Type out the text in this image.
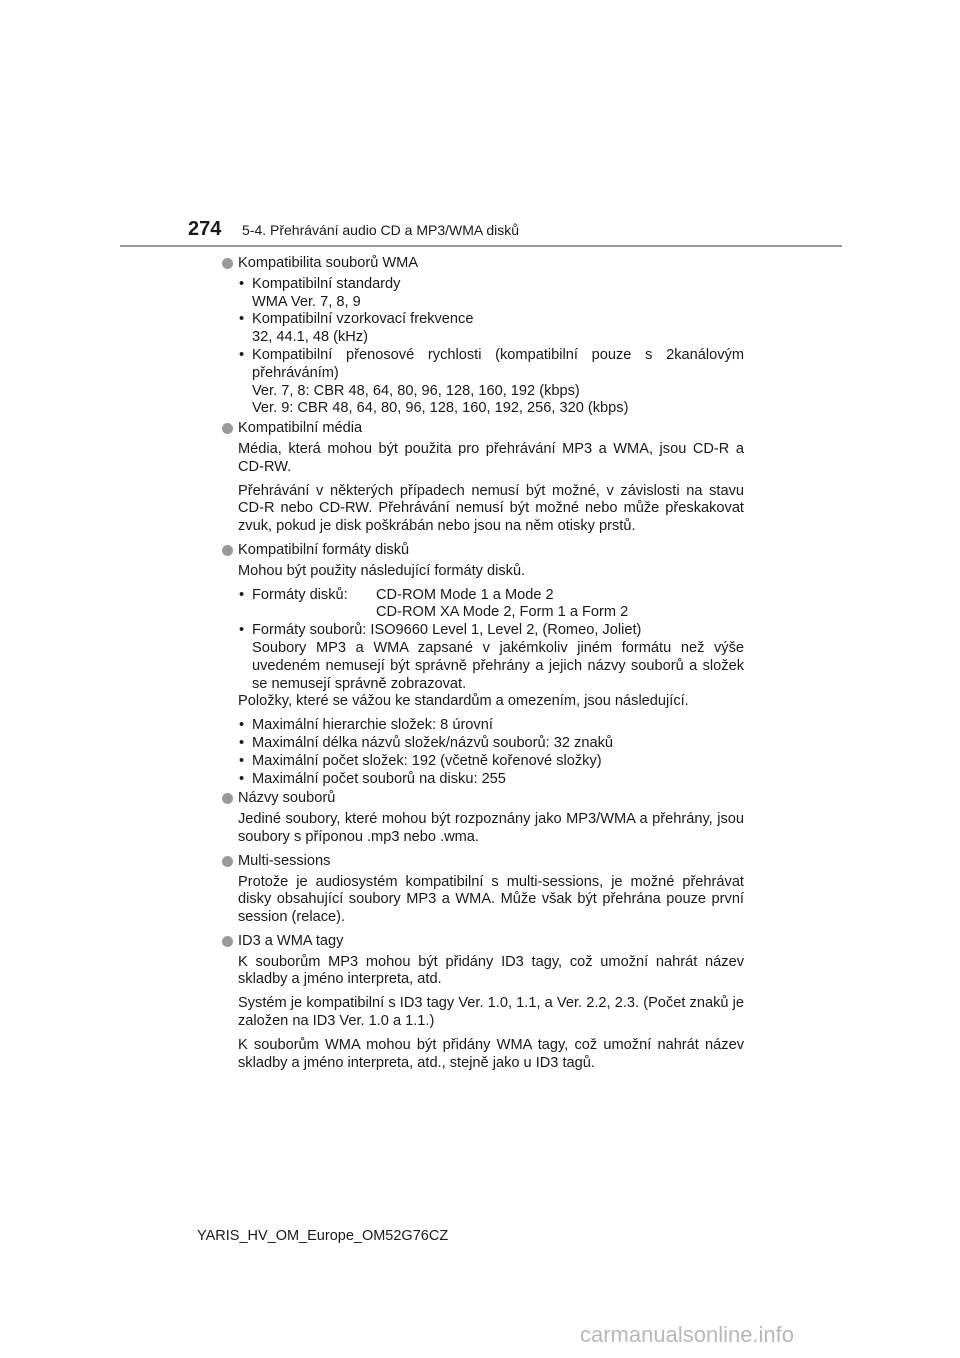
274 5-4. Přehrávání audio CD a MP3/WMA disků
Kompatibilita souborů WMA
• Kompatibilní standardy
WMA Ver. 7, 8, 9
• Kompatibilní vzorkovací frekvence
32, 44.1, 48 (kHz)
• Kompatibilní přenosové rychlosti (kompatibilní pouze s 2kanálovým přehráváním)
Ver. 7, 8: CBR 48, 64, 80, 96, 128, 160, 192 (kbps)
Ver. 9: CBR 48, 64, 80, 96, 128, 160, 192, 256, 320 (kbps)
Kompatibilní média

Média, která mohou být použita pro přehrávání MP3 a WMA, jsou CD-R a CD-RW.

Přehrávání v některých případech nemusí být možné, v závislosti na stavu CD-R nebo CD-RW. Přehrávání nemusí být možné nebo může přeskakovat zvuk, pokud je disk poškrábán nebo jsou na něm otisky prstů.

Kompatibilní formáty disků

Mohou být použity následující formáty disků.

• Formáty disků:	CD-ROM Mode 1 a Mode 2
CD-ROM XA Mode 2, Form 1 a Form 2
• Formáty souborů: ISO9660 Level 1, Level 2, (Romeo, Joliet)
Soubory MP3 a WMA zapsané v jakémkoliv jiném formátu než výše uvedeném nemusejí být správně přehrány a jejich názvy souborů a složek se nemusejí správně zobrazovat.
Položky, které se vážou ke standardům a omezením, jsou následující.
• Maximální hierarchie složek: 8 úrovní
• Maximální délka názvů složek/názvů souborů: 32 znaků
• Maximální počet složek: 192 (včetně kořenové složky)
• Maximální počet souborů na disku: 255
Názvy souborů

Jediné soubory, které mohou být rozpoznány jako MP3/WMA a přehrány, jsou soubory s příponou .mp3 nebo .wma.

Multi-sessions

Protože je audiosystém kompatibilní s multi-sessions, je možné přehrávat disky obsahující soubory MP3 a WMA. Může však být přehrána pouze první session (relace).

ID3 a WMA tagy

K souborům MP3 mohou být přidány ID3 tagy, což umožní nahrát název skladby a jméno interpreta, atd.

Systém je kompatibilní s ID3 tagy Ver. 1.0, 1.1, a Ver. 2.2, 2.3. (Počet znaků je založen na ID3 Ver. 1.0 a 1.1.)

K souborům WMA mohou být přidány WMA tagy, což umožní nahrát název skladby a jméno interpreta, atd., stejně jako u ID3 tagů.

YARIS_HV_OM_Europe_OM52G76CZ
carmanualsonline.info
